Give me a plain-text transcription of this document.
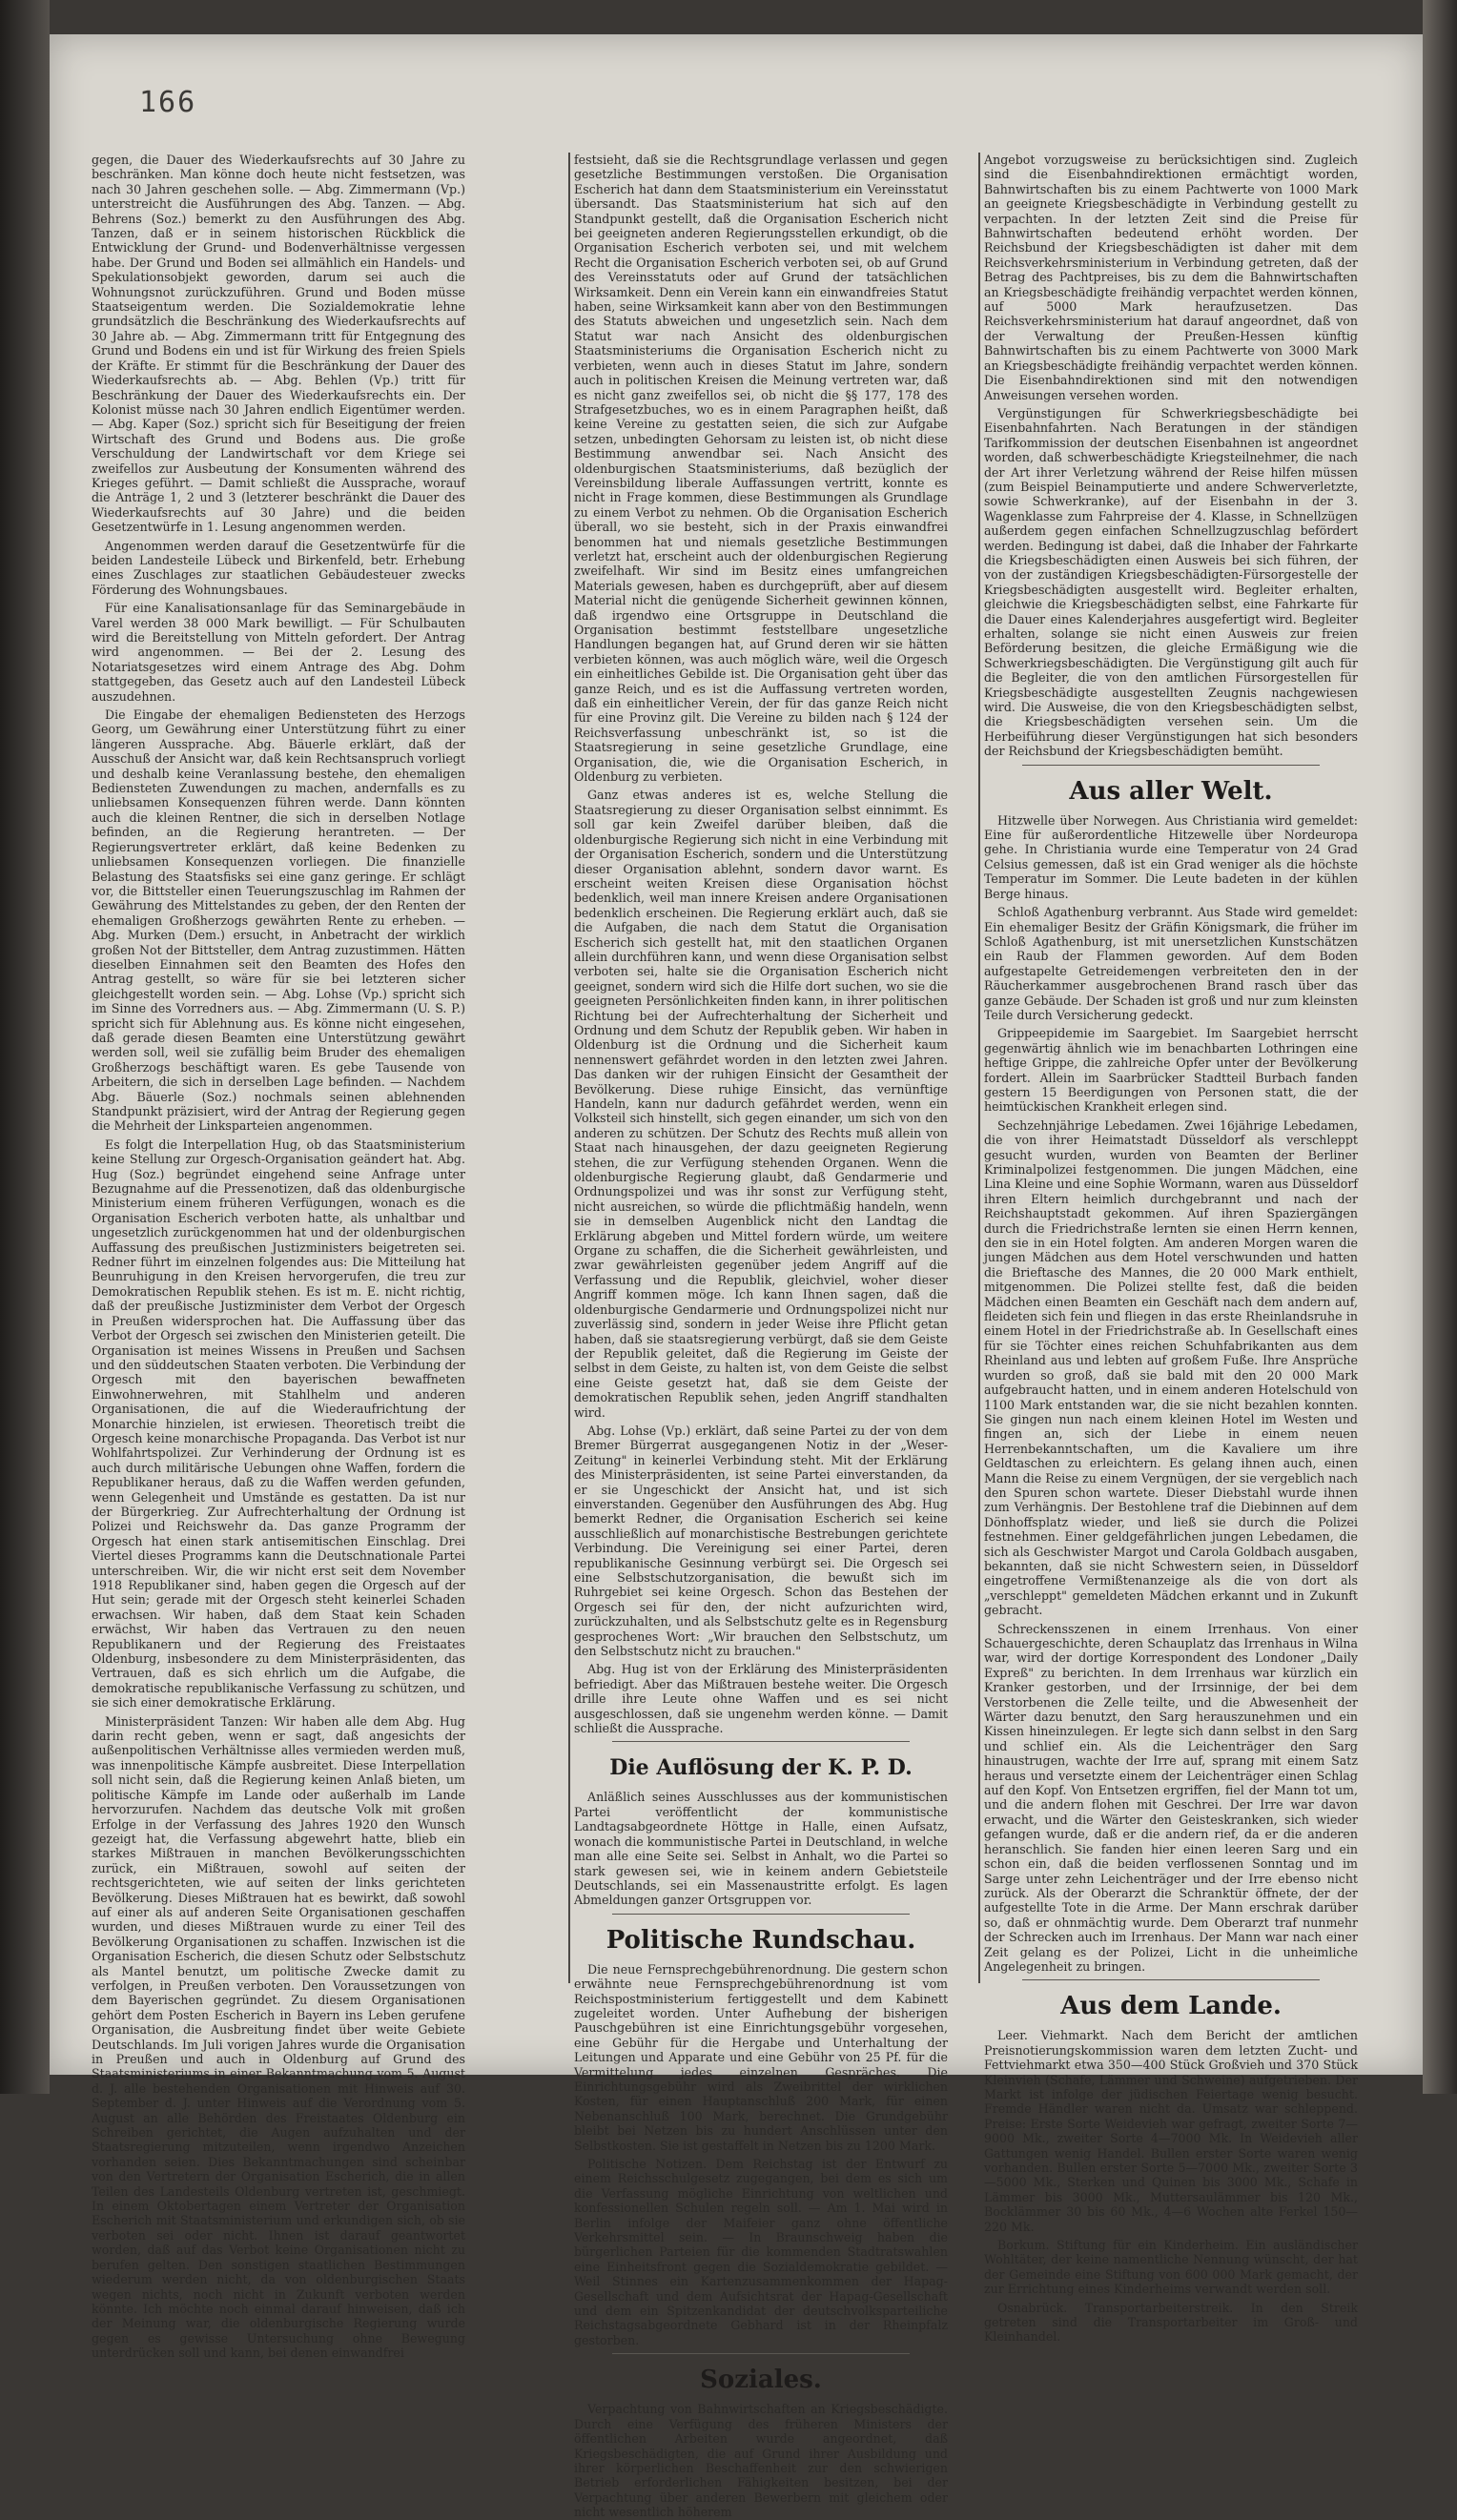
166

gegen, die Dauer des Wiederkaufsrechts auf 30 Jahre zu beschränken. Man könne doch heute nicht festsetzen, was nach 30 Jahren geschehen solle. — Abg. Zimmermann (Vp.) unterstreicht die Ausführungen des Abg. Tanzen. — Abg. Behrens (Soz.) bemerkt zu den Ausführungen des Abg. Tanzen, daß er in seinem historischen Rückblick die Entwicklung der Grund- und Bodenverhältnisse vergessen habe. Der Grund und Boden sei allmählich ein Handels- und Spekulationsobjekt geworden, darum sei auch die Wohnungsnot zurückzuführen. Grund und Boden müsse Staatseigentum werden. Die Sozialdemokratie lehne grundsätzlich die Beschränkung des Wiederkaufsrechts auf 30 Jahre ab. — Abg. Zimmermann tritt für Entgegnung des Grund und Bodens ein und ist für Wirkung des freien Spiels der Kräfte. Er stimmt für die Beschränkung der Dauer des Wiederkaufsrechts ab. — Abg. Behlen (Vp.) tritt für Beschränkung der Dauer des Wiederkaufsrechts ein. Der Kolonist müsse nach 30 Jahren endlich Eigentümer werden. — Abg. Kaper (Soz.) spricht sich für Beseitigung der freien Wirtschaft des Grund und Bodens aus. Die große Verschuldung der Landwirtschaft vor dem Kriege sei zweifellos zur Ausbeutung der Konsumenten während des Krieges geführt. — Damit schließt die Aussprache, worauf die Anträge 1, 2 und 3 (letzterer beschränkt die Dauer des Wiederkaufsrechts auf 30 Jahre) und die beiden Gesetzentwürfe in 1. Lesung angenommen werden.

Angenommen werden darauf die Gesetzentwürfe für die beiden Landesteile Lübeck und Birkenfeld, betr. Erhebung eines Zuschlages zur staatlichen Gebäudesteuer zwecks Förderung des Wohnungsbaues.

Für eine Kanalisationsanlage für das Seminargebäude in Varel werden 38 000 Mark bewilligt. — Für Schulbauten wird die Bereitstellung von Mitteln gefordert. Der Antrag wird angenommen. — Bei der 2. Lesung des Notariatsgesetzes wird einem Antrage des Abg. Dohm stattgegeben, das Gesetz auch auf den Landesteil Lübeck auszudehnen.

Die Eingabe der ehemaligen Bediensteten des Herzogs Georg, um Gewährung einer Unterstützung führt zu einer längeren Aussprache. Abg. Bäuerle erklärt, daß der Ausschuß der Ansicht war, daß kein Rechtsanspruch vorliegt und deshalb keine Veranlassung bestehe, den ehemaligen Bediensteten Zuwendungen zu machen, andernfalls es zu unliebsamen Konsequenzen führen werde. Dann könnten auch die kleinen Rentner, die sich in derselben Notlage befinden, an die Regierung herantreten. — Der Regierungsvertreter erklärt, daß keine Bedenken zu unliebsamen Konsequenzen vorliegen. Die finanzielle Belastung des Staatsfisks sei eine ganz geringe. Er schlägt vor, die Bittsteller einen Teuerungszuschlag im Rahmen der Gewährung des Mittelstandes zu geben, der den Renten der ehemaligen Großherzogs gewährten Rente zu erheben. — Abg. Murken (Dem.) ersucht, in Anbetracht der wirklich großen Not der Bittsteller, dem Antrag zuzustimmen. Hätten dieselben Einnahmen seit den Beamten des Hofes den Antrag gestellt, so wäre für sie bei letzteren sicher gleichgestellt worden sein. — Abg. Lohse (Vp.) spricht sich im Sinne des Vorredners aus. — Abg. Zimmermann (U. S. P.) spricht sich für Ablehnung aus. Es könne nicht eingesehen, daß gerade diesen Beamten eine Unterstützung gewährt werden soll, weil sie zufällig beim Bruder des ehemaligen Großherzogs beschäftigt waren. Es gebe Tausende von Arbeitern, die sich in derselben Lage befinden. — Nachdem Abg. Bäuerle (Soz.) nochmals seinen ablehnenden Standpunkt präzisiert, wird der Antrag der Regierung gegen die Mehrheit der Linksparteien angenommen.

Es folgt die Interpellation Hug, ob das Staatsministerium keine Stellung zur Orgesch-Organisation geändert hat. Abg. Hug (Soz.) begründet eingehend seine Anfrage unter Bezugnahme auf die Pressenotizen, daß das oldenburgische Ministerium einem früheren Verfügungen, wonach es die Organisation Escherich verboten hatte, als unhaltbar und ungesetzlich zurückgenommen hat und der oldenburgischen Auffassung des preußischen Justizministers beigetreten sei. Redner führt im einzelnen folgendes aus: Die Mitteilung hat Beunruhigung in den Kreisen hervorgerufen, die treu zur Demokratischen Republik stehen. Es ist m. E. nicht richtig, daß der preußische Justizminister dem Verbot der Orgesch in Preußen widersprochen hat. Die Auffassung über das Verbot der Orgesch sei zwischen den Ministerien geteilt. Die Organisation ist meines Wissens in Preußen und Sachsen und den süddeutschen Staaten verboten. Die Verbindung der Orgesch mit den bayerischen bewaffneten Einwohnerwehren, mit Stahlhelm und anderen Organisationen, die auf die Wiederaufrichtung der Monarchie hinzielen, ist erwiesen. Theoretisch treibt die Orgesch keine monarchische Propaganda. Das Verbot ist nur Wohlfahrtspolizei. Zur Verhinderung der Ordnung ist es auch durch militärische Uebungen ohne Waffen, fordern die Republikaner heraus, daß zu die Waffen werden gefunden, wenn Gelegenheit und Umstände es gestatten. Da ist nur der Bürgerkrieg. Zur Aufrechterhaltung der Ordnung ist Polizei und Reichswehr da. Das ganze Programm der Orgesch hat einen stark antisemitischen Einschlag. Drei Viertel dieses Programms kann die Deutschnationale Partei unterschreiben. Wir, die wir nicht erst seit dem November 1918 Republikaner sind, haben gegen die Orgesch auf der Hut sein; gerade mit der Orgesch steht keinerlei Schaden erwachsen. Wir haben, daß dem Staat kein Schaden erwächst, Wir haben das Vertrauen zu den neuen Republikanern und der Regierung des Freistaates Oldenburg, insbesondere zu dem Ministerpräsidenten, das Vertrauen, daß es sich ehrlich um die Aufgabe, die demokratische republikanische Verfassung zu schützen, und sie sich einer demokratische Erklärung.

Ministerpräsident Tanzen: Wir haben alle dem Abg. Hug darin recht geben, wenn er sagt, daß angesichts der außenpolitischen Verhältnisse alles vermieden werden muß, was innenpolitische Kämpfe ausbreitet. Diese Interpellation soll nicht sein, daß die Regierung keinen Anlaß bieten, um politische Kämpfe im Lande oder außerhalb im Lande hervorzurufen. Nachdem das deutsche Volk mit großen Erfolge in der Verfassung des Jahres 1920 den Wunsch gezeigt hat, die Verfassung abgewehrt hatte, blieb ein starkes Mißtrauen in manchen Bevölkerungsschichten zurück, ein Mißtrauen, sowohl auf seiten der rechtsgerichteten, wie auf seiten der links gerichteten Bevölkerung. Dieses Mißtrauen hat es bewirkt, daß sowohl auf einer als auf anderen Seite Organisationen geschaffen wurden, und dieses Mißtrauen wurde zu einer Teil des Bevölkerung Organisationen zu schaffen. Inzwischen ist die Organisation Escherich, die diesen Schutz oder Selbstschutz als Mantel benutzt, um politische Zwecke damit zu verfolgen, in Preußen verboten. Den Voraussetzungen von dem Bayerischen gegründet. Zu diesem Organisationen gehört dem Posten Escherich in Bayern ins Leben gerufene Organisation, die Ausbreitung findet über weite Gebiete Deutschlands. Im Juli vorigen Jahres wurde die Organisation in Preußen und auch in Oldenburg auf Grund des Staatsministeriums in einer Bekanntmachung vom 5. August d. J. alle bestehenden Organisationen mit Hinweis auf 30. September d. J. unter Hinweis auf die Verordnung vom 5. August an alle Behörden des Freistaates Oldenburg ein Schreiben gerichtet, die Augen aufzuhalten und der Staatsregierung mitzuteilen, wenn irgendwo Anzeichen vorhanden seien. Dies Bekanntmachungen sind scheinbar von den Vertretern der Organisation Escherich, die in allen Teilen des Landesteils Oldenburg vertreten ist, geschmiegt. In einem Oktobertagen einem Vertreter der Organisation Escherich mit Staatsministerium und erkundigen sich, ob sie verboten sei oder nicht. Ihnen ist darauf geantwortet worden, daß auf das Verbot keine Organisationen nicht zu berufen gelten. Den sonstigen staatlichen Bestimmungen wiederum werden nicht, da von oldenburgischen Staats wegen nichts, noch nicht in Zukunft verboten werden könnte. Ich möchte noch einmal darauf hinweisen, daß ich der Meinung war, die oldenburgische Regierung wurde gegen es gewisse Untersuchung ohne Bewegung unterdrücken soll und kann, bei denen einwandfrei

festsieht, daß sie die Rechtsgrundlage verlassen und gegen gesetzliche Bestimmungen verstoßen. Die Organisation Escherich hat dann dem Staatsministerium ein Vereinsstatut übersandt. Das Staatsministerium hat sich auf den Standpunkt gestellt, daß die Organisation Escherich nicht bei geeigneten anderen Regierungsstellen erkundigt, ob die Organisation Escherich verboten sei, und mit welchem Recht die Organisation Escherich verboten sei, ob auf Grund des Vereinsstatuts oder auf Grund der tatsächlichen Wirksamkeit. Denn ein Verein kann ein einwandfreies Statut haben, seine Wirksamkeit kann aber von den Bestimmungen des Statuts abweichen und ungesetzlich sein. Nach dem Statut war nach Ansicht des oldenburgischen Staatsministeriums die Organisation Escherich nicht zu verbieten, wenn auch in dieses Statut im Jahre, sondern auch in politischen Kreisen die Meinung vertreten war, daß es nicht ganz zweifellos sei, ob nicht die §§ 177, 178 des Strafgesetzbuches, wo es in einem Paragraphen heißt, daß keine Vereine zu gestatten seien, die sich zur Aufgabe setzen, unbedingten Gehorsam zu leisten ist, ob nicht diese Bestimmung anwendbar sei. Nach Ansicht des oldenburgischen Staatsministeriums, daß bezüglich der Vereinsbildung liberale Auffassungen vertritt, konnte es nicht in Frage kommen, diese Bestimmungen als Grundlage zu einem Verbot zu nehmen. Ob die Organisation Escherich überall, wo sie besteht, sich in der Praxis einwandfrei benommen hat und niemals gesetzliche Bestimmungen verletzt hat, erscheint auch der oldenburgischen Regierung zweifelhaft. Wir sind im Besitz eines umfangreichen Materials gewesen, haben es durchgeprüft, aber auf diesem Material nicht die genügende Sicherheit gewinnen können, daß irgendwo eine Ortsgruppe in Deutschland die Organisation bestimmt feststellbare ungesetzliche Handlungen begangen hat, auf Grund deren wir sie hätten verbieten können, was auch möglich wäre, weil die Orgesch ein einheitliches Gebilde ist. Die Organisation geht über das ganze Reich, und es ist die Auffassung vertreten worden, daß ein einheitlicher Verein, der für das ganze Reich nicht für eine Provinz gilt. Die Vereine zu bilden nach § 124 der Reichsverfassung unbeschränkt ist, so ist die Staatsregierung in seine gesetzliche Grundlage, eine Organisation, die, wie die Organisation Escherich, in Oldenburg zu verbieten.

Ganz etwas anderes ist es, welche Stellung die Staatsregierung zu dieser Organisation selbst einnimmt. Es soll gar kein Zweifel darüber bleiben, daß die oldenburgische Regierung sich nicht in eine Verbindung mit der Organisation Escherich, sondern und die Unterstützung dieser Organisation ablehnt, sondern davor warnt. Es erscheint weiten Kreisen diese Organisation höchst bedenklich, weil man innere Kreisen andere Organisationen bedenklich erscheinen. Die Regierung erklärt auch, daß sie die Aufgaben, die nach dem Statut die Organisation Escherich sich gestellt hat, mit den staatlichen Organen allein durchführen kann, und wenn diese Organisation selbst verboten sei, halte sie die Organisation Escherich nicht geeignet, sondern wird sich die Hilfe dort suchen, wo sie die geeigneten Persönlichkeiten finden kann, in ihrer politischen Richtung bei der Aufrechterhaltung der Sicherheit und Ordnung und dem Schutz der Republik geben. Wir haben in Oldenburg ist die Ordnung und die Sicherheit kaum nennenswert gefährdet worden in den letzten zwei Jahren. Das danken wir der ruhigen Einsicht der Gesamtheit der Bevölkerung. Diese ruhige Einsicht, das vernünftige Handeln, kann nur dadurch gefährdet werden, wenn ein Volksteil sich hinstellt, sich gegen einander, um sich von den anderen zu schützen. Der Schutz des Rechts muß allein von Staat nach hinausgehen, der dazu geeigneten Regierung stehen, die zur Verfügung stehenden Organen. Wenn die oldenburgische Regierung glaubt, daß Gendarmerie und Ordnungspolizei und was ihr sonst zur Verfügung steht, nicht ausreichen, so würde die pflichtmäßig handeln, wenn sie in demselben Augenblick nicht den Landtag die Erklärung abgeben und Mittel fordern würde, um weitere Organe zu schaffen, die die Sicherheit gewährleisten, und zwar gewährleisten gegenüber jedem Angriff auf die Verfassung und die Republik, gleichviel, woher dieser Angriff kommen möge. Ich kann Ihnen sagen, daß die oldenburgische Gendarmerie und Ordnungspolizei nicht nur zuverlässig sind, sondern in jeder Weise ihre Pflicht getan haben, daß sie staatsregierung verbürgt, daß sie dem Geiste der Republik geleitet, daß die Regierung im Geiste der selbst in dem Geiste, zu halten ist, von dem Geiste die selbst eine Geiste gesetzt hat, daß sie dem Geiste der demokratischen Republik sehen, jeden Angriff standhalten wird.

Abg. Lohse (Vp.) erklärt, daß seine Partei zu der von dem Bremer Bürgerrat ausgegangenen Notiz in der „Weser-Zeitung" in keinerlei Verbindung steht. Mit der Erklärung des Ministerpräsidenten, ist seine Partei einverstanden, da er sie Ungeschickt der Ansicht hat, und ist sich einverstanden. Gegenüber den Ausführungen des Abg. Hug bemerkt Redner, die Organisation Escherich sei keine ausschließlich auf monarchistische Bestrebungen gerichtete Verbindung. Die Vereinigung sei einer Partei, deren republikanische Gesinnung verbürgt sei. Die Orgesch sei eine Selbstschutzorganisation, die bewußt sich im Ruhrgebiet sei keine Orgesch. Schon das Bestehen der Orgesch sei für den, der nicht aufzurichten wird, zurückzuhalten, und als Selbstschutz gelte es in Regensburg gesprochenes Wort: „Wir brauchen den Selbstschutz, um den Selbstschutz nicht zu brauchen."

Abg. Hug ist von der Erklärung des Ministerpräsidenten befriedigt. Aber das Mißtrauen bestehe weiter. Die Orgesch drille ihre Leute ohne Waffen und es sei nicht ausgeschlossen, daß sie ungenehm werden könne. — Damit schließt die Aussprache.

Die Auflösung der K. P. D.

Anläßlich seines Ausschlusses aus der kommunistischen Partei veröffentlicht der kommunistische Landtagsabgeordnete Höttge in Halle, einen Aufsatz, wonach die kommunistische Partei in Deutschland, in welche man alle eine Seite sei. Selbst in Anhalt, wo die Partei so stark gewesen sei, wie in keinem andern Gebietsteile Deutschlands, sei ein Massenaustritte erfolgt. Es lagen Abmeldungen ganzer Ortsgruppen vor.

Politische Rundschau.

Die neue Fernsprechgebührenordnung. Die gestern schon erwähnte neue Fernsprechgebührenordnung ist vom Reichspostministerium fertiggestellt und dem Kabinett zugeleitet worden. Unter Aufhebung der bisherigen Pauschgebühren ist eine Einrichtungsgebühr vorgesehen, eine Gebühr für die Hergabe und Unterhaltung der Leitungen und Apparate und eine Gebühr von 25 Pf. für die Vermittelung jedes einzelnen Gespräches. Die Einrichtungsgebühr wird als Zweibrittel der wirklichen Kosten, für einen Hauptanschluß 200 Mark, für einen Nebenanschluß 100 Mark, berechnet. Die Grundgebühr bleibt bei Netzen bis zu hundert Anschlüssen unter den Selbstkosten. Sie ist gestaffelt in Netzen bis zu 1200 Mark.

Politische Notizen. Dem Reichstag ist der Entwurf zu einem Reichsschulgesetz zugegangen, bei dem es sich um die Verfassung mögliche Einrichtung von weltlichen und konfessionellen Schulen regeln soll. — Am 1. Mai wird in Berlin infolge der Maifeier ganz ohne öffentliche Verkehrsmittel sein. — In Braunschweig haben die bürgerlichen Parteien für die kommenden Stadtratswahlen eine Einheitsfront gegen die Sozialdemokratie gebildet. — Weil Stinnes ein Kartenzusammenkommen der Hapag-Gesellschaft und dem Aufsichtsrat der Hapag-Gesellschaft und dem ein Spitzenkandidat der deutschvolksparteiliche Reichstagsabgeordnete Gebhard ist in der Rheinpfalz gestorben.

Soziales.

Verpachtung von Bahnwirtschaften an Kriegsbeschädigte. Durch eine Verfügung des früheren Ministers der öffentlichen Arbeiten wurde angeordnet, daß Kriegsbeschädigten, die auf Grund ihrer Ausbildung und ihrer körperlichen Beschaffenheit zur den schwierigen Betrieb erforderlichen Fähigkeiten besitzen, bei der Verpachtung über anderen Bewerbern mit gleichem oder nicht wesentlich höherem

Angebot vorzugsweise zu berücksichtigen sind. Zugleich sind die Eisenbahndirektionen ermächtigt worden, Bahnwirtschaften bis zu einem Pachtwerte von 1000 Mark an geeignete Kriegsbeschädigte in Verbindung gestellt zu verpachten. In der letzten Zeit sind die Preise für Bahnwirtschaften bedeutend erhöht worden. Der Reichsbund der Kriegsbeschädigten ist daher mit dem Reichsverkehrsministerium in Verbindung getreten, daß der Betrag des Pachtpreises, bis zu dem die Bahnwirtschaften an Kriegsbeschädigte freihändig verpachtet werden können, auf 5000 Mark heraufzusetzen. Das Reichsverkehrsministerium hat darauf angeordnet, daß von der Verwaltung der Preußen-Hessen künftig Bahnwirtschaften bis zu einem Pachtwerte von 3000 Mark an Kriegsbeschädigte freihändig verpachtet werden können. Die Eisenbahndirektionen sind mit den notwendigen Anweisungen versehen worden.

Vergünstigungen für Schwerkriegsbeschädigte bei Eisenbahnfahrten. Nach Beratungen in der ständigen Tarifkommission der deutschen Eisenbahnen ist angeordnet worden, daß schwerbeschädigte Kriegsteilnehmer, die nach der Art ihrer Verletzung während der Reise hilfen müssen (zum Beispiel Beinamputierte und andere Schwerverletzte, sowie Schwerkranke), auf der Eisenbahn in der 3. Wagenklasse zum Fahrpreise der 4. Klasse, in Schnellzügen außerdem gegen einfachen Schnellzugzuschlag befördert werden. Bedingung ist dabei, daß die Inhaber der Fahrkarte die Kriegsbeschädigten einen Ausweis bei sich führen, der von der zuständigen Kriegsbeschädigten-Fürsorgestelle der Kriegsbeschädigten ausgestellt wird. Begleiter erhalten, gleichwie die Kriegsbeschädigten selbst, eine Fahrkarte für die Dauer eines Kalenderjahres ausgefertigt wird. Begleiter erhalten, solange sie nicht einen Ausweis zur freien Beförderung besitzen, die gleiche Ermäßigung wie die Schwerkriegsbeschädigten. Die Vergünstigung gilt auch für die Begleiter, die von den amtlichen Fürsorgestellen für Kriegsbeschädigte ausgestellten Zeugnis nachgewiesen wird. Die Ausweise, die von den Kriegsbeschädigten selbst, die Kriegsbeschädigten versehen sein. Um die Herbeiführung dieser Vergünstigungen hat sich besonders der Reichsbund der Kriegsbeschädigten bemüht.

Aus aller Welt.

Hitzwelle über Norwegen. Aus Christiania wird gemeldet: Eine für außerordentliche Hitzewelle über Nordeuropa gehe. In Christiania wurde eine Temperatur von 24 Grad Celsius gemessen, daß ist ein Grad weniger als die höchste Temperatur im Sommer. Die Leute badeten in der kühlen Berge hinaus.

Schloß Agathenburg verbrannt. Aus Stade wird gemeldet: Ein ehemaliger Besitz der Gräfin Königsmark, die früher im Schloß Agathenburg, ist mit unersetzlichen Kunstschätzen ein Raub der Flammen geworden. Auf dem Boden aufgestapelte Getreidemengen verbreiteten den in der Räucherkammer ausgebrochenen Brand rasch über das ganze Gebäude. Der Schaden ist groß und nur zum kleinsten Teile durch Versicherung gedeckt.

Grippeepidemie im Saargebiet. Im Saargebiet herrscht gegenwärtig ähnlich wie im benachbarten Lothringen eine heftige Grippe, die zahlreiche Opfer unter der Bevölkerung fordert. Allein im Saarbrücker Stadtteil Burbach fanden gestern 15 Beerdigungen von Personen statt, die der heimtückischen Krankheit erlegen sind.

Sechzehnjährige Lebedamen. Zwei 16jährige Lebedamen, die von ihrer Heimatstadt Düsseldorf als verschleppt gesucht wurden, wurden von Beamten der Berliner Kriminalpolizei festgenommen. Die jungen Mädchen, eine Lina Kleine und eine Sophie Wormann, waren aus Düsseldorf ihren Eltern heimlich durchgebrannt und nach der Reichshauptstadt gekommen. Auf ihren Spaziergängen durch die Friedrichstraße lernten sie einen Herrn kennen, den sie in ein Hotel folgten. Am anderen Morgen waren die jungen Mädchen aus dem Hotel verschwunden und hatten die Brieftasche des Mannes, die 20 000 Mark enthielt, mitgenommen. Die Polizei stellte fest, daß die beiden Mädchen einen Beamten ein Geschäft nach dem andern auf, fleideten sich fein und fliegen in das erste Rheinlandsruhe in einem Hotel in der Friedrichstraße ab. In Gesellschaft eines für sie Töchter eines reichen Schuhfabrikanten aus dem Rheinland aus und lebten auf großem Fuße. Ihre Ansprüche wurden so groß, daß sie bald mit den 20 000 Mark aufgebraucht hatten, und in einem anderen Hotelschuld von 1100 Mark entstanden war, die sie nicht bezahlen konnten. Sie gingen nun nach einem kleinen Hotel im Westen und fingen an, sich der Liebe in einem neuen Herrenbekanntschaften, um die Kavaliere um ihre Geldtaschen zu erleichtern. Es gelang ihnen auch, einen Mann die Reise zu einem Vergnügen, der sie vergeblich nach den Spuren schon wartete. Dieser Diebstahl wurde ihnen zum Verhängnis. Der Bestohlene traf die Diebinnen auf dem Dönhoffsplatz wieder, und ließ sie durch die Polizei festnehmen. Einer geldgefährlichen jungen Lebedamen, die sich als Geschwister Margot und Carola Goldbach ausgaben, bekannten, daß sie nicht Schwestern seien, in Düsseldorf eingetroffene Vermißtenanzeige als die von dort als „verschleppt" gemeldeten Mädchen erkannt und in Zukunft gebracht.

Schreckensszenen in einem Irrenhaus. Von einer Schauergeschichte, deren Schauplatz das Irrenhaus in Wilna war, wird der dortige Korrespondent des Londoner „Daily Expreß" zu berichten. In dem Irrenhaus war kürzlich ein Kranker gestorben, und der Irrsinnige, der bei dem Verstorbenen die Zelle teilte, und die Abwesenheit der Wärter dazu benutzt, den Sarg herauszunehmen und ein Kissen hineinzulegen. Er legte sich dann selbst in den Sarg und schlief ein. Als die Leichenträger den Sarg hinaustrugen, wachte der Irre auf, sprang mit einem Satz heraus und versetzte einem der Leichenträger einen Schlag auf den Kopf. Von Entsetzen ergriffen, fiel der Mann tot um, und die andern flohen mit Geschrei. Der Irre war davon erwacht, und die Wärter den Geisteskranken, sich wieder gefangen wurde, daß er die andern rief, da er die anderen heranschlich. Sie fanden hier einen leeren Sarg und ein schon ein, daß die beiden verflossenen Sonntag und im Sarge unter zehn Leichenträger und der Irre ebenso nicht zurück. Als der Oberarzt die Schranktür öffnete, der der aufgestellte Tote in die Arme. Der Mann erschrak darüber so, daß er ohnmächtig wurde. Dem Oberarzt traf nunmehr der Schrecken auch im Irrenhaus. Der Mann war nach einer Zeit gelang es der Polizei, Licht in die unheimliche Angelegenheit zu bringen.

Aus dem Lande.

Leer. Viehmarkt. Nach dem Bericht der amtlichen Preisnotierungskommission waren dem letzten Zucht- und Fettviehmarkt etwa 350—400 Stück Großvieh und 370 Stück Kleinvieh (Schafe, Lämmer und Schweine) aufgetrieben. Der Markt ist infolge der jüdischen Feiertage wenig besucht. Fremde Händler waren nicht da. Umsatz war schleppend. Preise: Erste Sorte Weidevieh war gefragt, zweiter Sorte 7—9000 Mk., zweiter Sorte 4—7000 Mk. In Weidevieh aller Gattungen wenig Handel. Bullen erster Sorte waren wenig vorhanden. Bullen erster Sorte 5—7000 Mk., zweiter Sorte 3—5000 Mk., Sterken und Quinen bis 3000 Mk., Schafe in Lämmer bis 3000 Mk., Muttersaulämmer bis 120 Mk., Bocklämmer 30 bis 60 Mk., 4—6 Wochen alte Ferkel 150—220 Mk.

Borkum. Stiftung für ein Kinderheim. Ein ausländischer Wohltäter, der keine namentliche Nennung wünscht, der hat der Gemeinde eine Stiftung von 600 000 Mark gemacht, der zur Errichtung eines Kinderheims verwandt werden soll.

Osnabrück. Transportarbeiterstreik. In den Streik getreten sind die Transportarbeiter im Groß- und Kleinhandel.
